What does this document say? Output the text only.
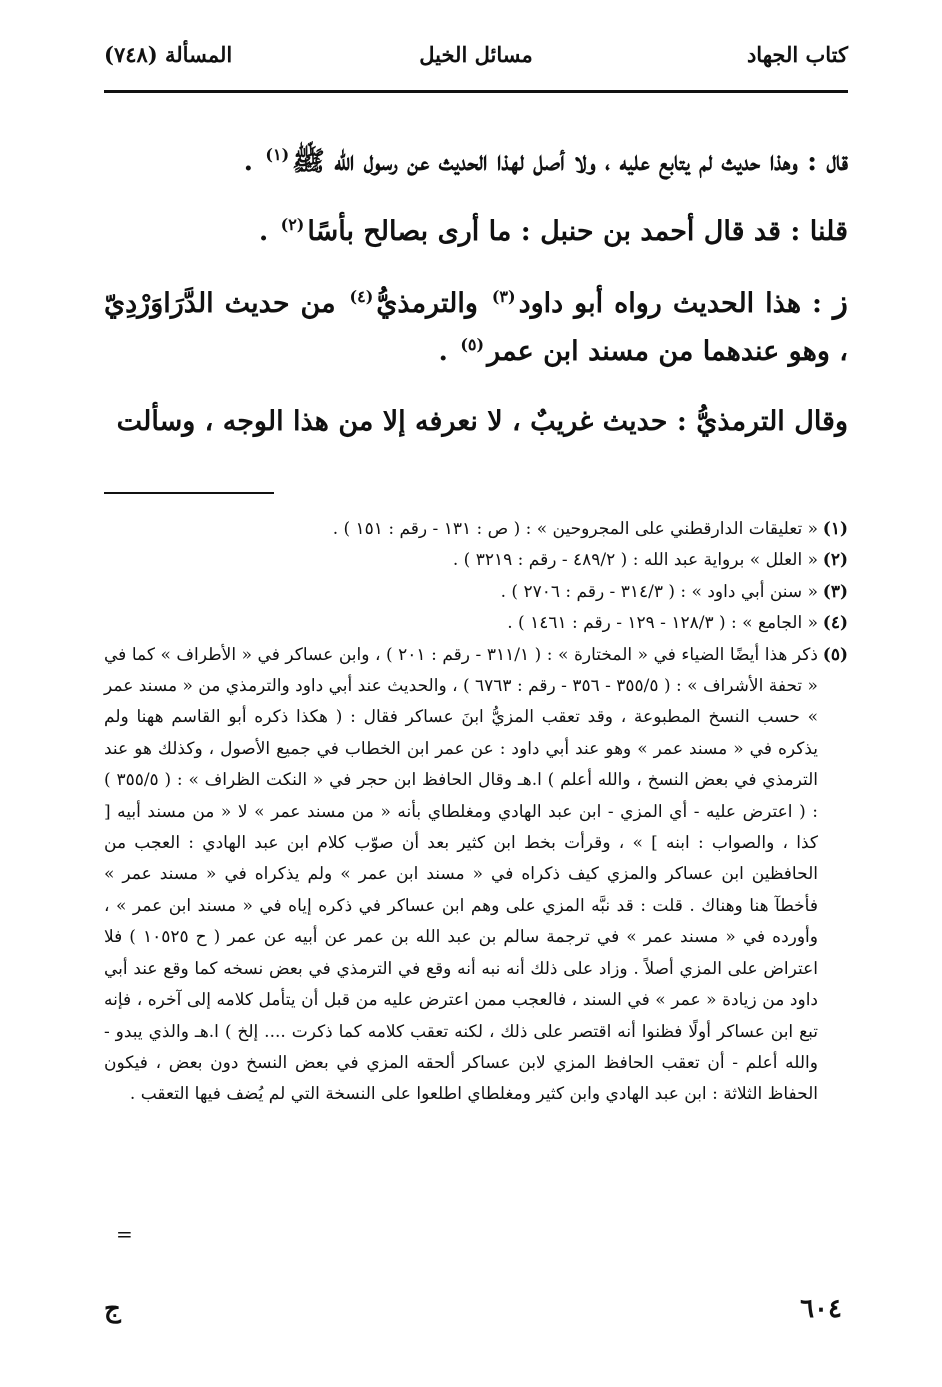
كتاب الجهاد
مسائل الخيل
المسألة (٧٤٨)

قال : وهذا حديث لم يتابع عليه ، ولا أصل لهذا الحديث عن رسول الله ﷺ$^{(١)}$ .

قلنا : قد قال أحمد بن حنبل : ما أرى بصالح بأسًا$^{(٢)}$ .

ز : هذا الحديث رواه أبو داود$^{(٣)}$ والترمذيُّ$^{(٤)}$ من حديث الدَّرَاوَرْدِيّ ، وهو عندهما من مسند ابن عمر$^{(٥)}$ .

وقال الترمذيُّ : حديث غريبٌ ، لا نعرفه إلا من هذا الوجه ، وسألت

(١)
« تعليقات الدارقطني على المجروحين » : ( ص : ١٣١ - رقم : ١٥١ ) .
(٢)
« العلل » برواية عبد الله : ( ٤٨٩/٢ - رقم : ٣٢١٩ ) .
(٣)
« سنن أبي داود » : ( ٣١٤/٣ - رقم : ٢٧٠٦ ) .
(٤)
« الجامع » : ( ١٢٨/٣ - ١٢٩ - رقم : ١٤٦١ ) .
(٥)
ذكر هذا أيضًا الضياء في « المختارة » : ( ٣١١/١ - رقم : ٢٠١ ) ، وابن عساكر في « الأطراف » كما في « تحفة الأشراف » : ( ٣٥٥/٥ - ٣٥٦ - رقم : ٦٧٦٣ ) ، والحديث عند أبي داود والترمذي من « مسند عمر » حسب النسخ المطبوعة ، وقد تعقب المزيُّ ابنَ عساكر فقال : ( هكذا ذكره أبو القاسم ههنا ولم يذكره في « مسند عمر » وهو عند أبي داود : عن عمر ابن الخطاب في جميع الأصول ، وكذلك هو عند الترمذي في بعض النسخ ، والله أعلم ) ا.هـ وقال الحافظ ابن حجر في « النكت الظراف » : ( ٣٥٥/٥ ) : ( اعترض عليه - أي المزي - ابن عبد الهادي ومغلطاي بأنه « من مسند عمر » لا « من مسند أبيه [ كذا ، والصواب : ابنه ] » ، وقرأت بخط ابن كثير بعد أن صوّب كلام ابن عبد الهادي : العجب من الحافظين ابن عساكر والمزي كيف ذكراه في « مسند ابن عمر » ولم يذكراه في « مسند عمر » فأخطآ هنا وهناك . قلت : قد نبَّه المزي على وهم ابن عساكر في ذكره إياه في « مسند ابن عمر » ، وأورده في « مسند عمر » في ترجمة سالم بن عبد الله بن عمر عن أبيه عن عمر ( ح ١٠٥٢٥ ) فلا اعتراض على المزي أصلاً . وزاد على ذلك أنه نبه أنه وقع في الترمذي في بعض نسخه كما وقع عند أبي داود من زيادة « عمر » في السند ، فالعجب ممن اعترض عليه من قبل أن يتأمل كلامه إلى آخره ، فإنه تبع ابن عساكر أولًا فظنوا أنه اقتصر على ذلك ، لكنه تعقب كلامه كما ذكرت .... إلخ ) ا.هـ والذي يبدو - والله أعلم - أن تعقب الحافظ المزي لابن عساكر ألحقه المزي في بعض النسخ دون بعض ، فيكون الحفاظ الثلاثة : ابن عبد الهادي وابن كثير ومغلطاي اطلعوا على النسخة التي لم يُضف فيها التعقب .
=
٦٠٤
ج
